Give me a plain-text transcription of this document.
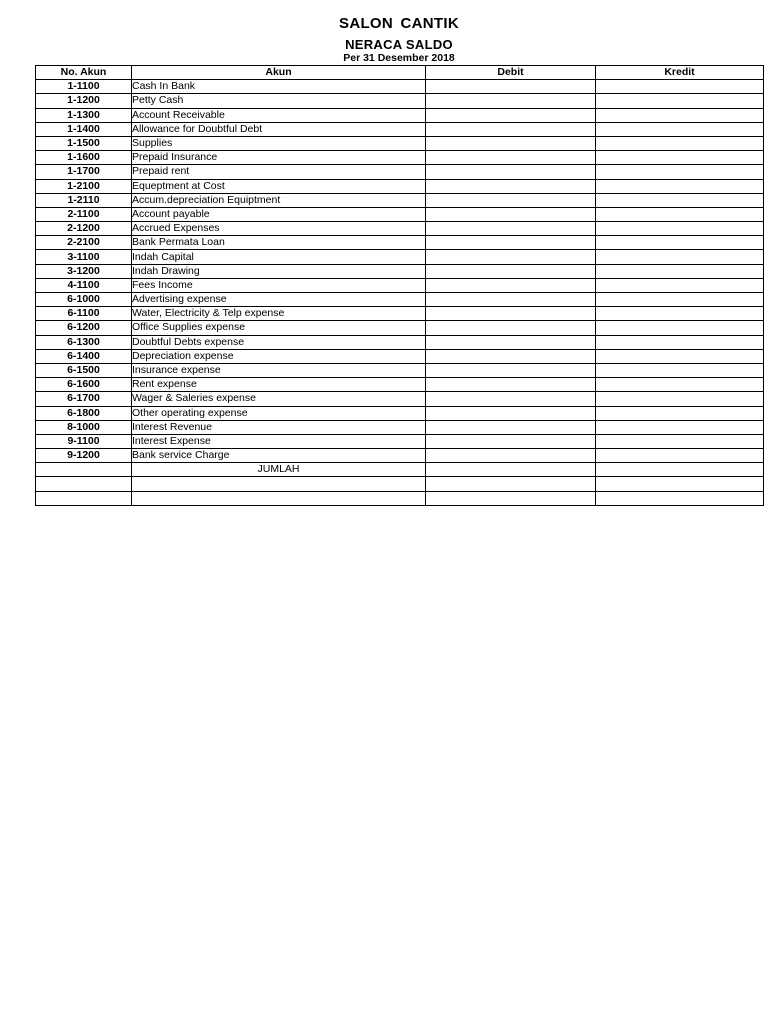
SALON CANTIK
NERACA SALDO
Per 31 Desember 2018
No. Akun	Akun	Debit	Kredit
1-1100	Cash In Bank		
1-1200	Petty Cash		
1-1300	Account Receivable		
1-1400	Allowance for Doubtful Debt		
1-1500	Supplies		
1-1600	Prepaid Insurance		
1-1700	Prepaid rent		
1-2100	Equeptment at Cost		
1-2110	Accum.depreciation Equiptment		
2-1100	Account payable		
2-1200	Accrued Expenses		
2-2100	Bank Permata Loan		
3-1100	Indah Capital		
3-1200	Indah Drawing		
4-1100	Fees Income		
6-1000	Advertising expense		
6-1100	Water, Electricity & Telp expense		
6-1200	Office Supplies expense		
6-1300	Doubtful Debts expense		
6-1400	Depreciation expense		
6-1500	Insurance expense		
6-1600	Rent expense		
6-1700	Wager & Saleries expense		
6-1800	Other operating expense		
8-1000	Interest Revenue		
9-1100	Interest Expense		
9-1200	Bank service Charge		
	JUMLAH		
